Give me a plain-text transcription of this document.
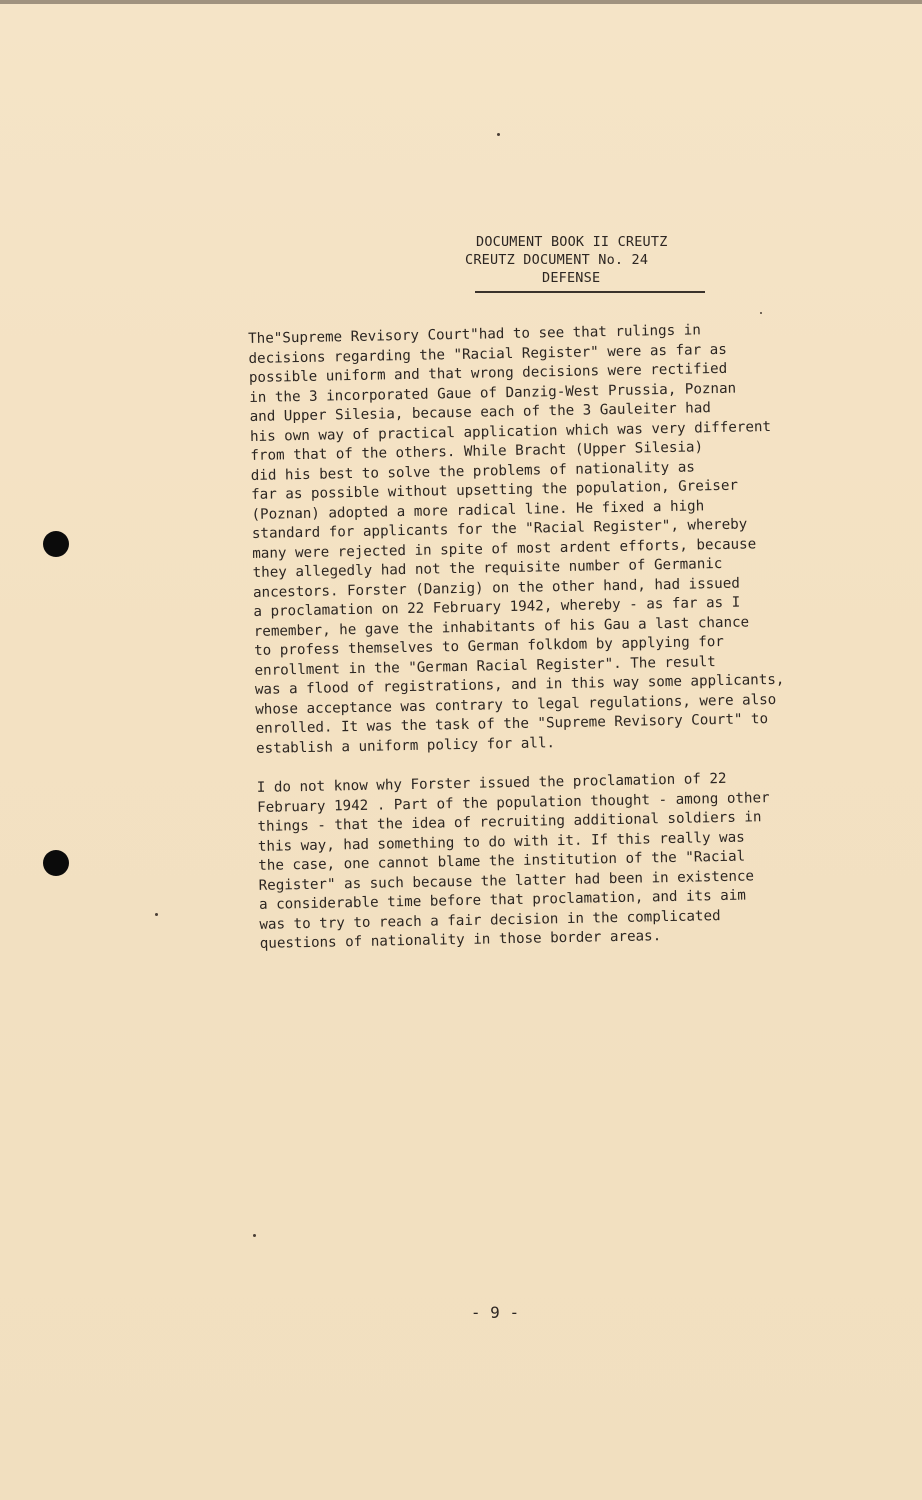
DOCUMENT BOOK II CREUTZ
CREUTZ DOCUMENT No. 24
DEFENSE

The"Supreme Revisory Court"had to see that rulings in
decisions regarding the "Racial Register" were as far as
possible uniform and that wrong decisions were rectified
in the 3 incorporated Gaue of Danzig-West Prussia, Poznan
and Upper Silesia, because each of the 3 Gauleiter had
his own way of practical application which was very different
from that of the others. While Bracht (Upper Silesia)
did his best to solve the problems of nationality as
far as possible without upsetting the population, Greiser
(Poznan) adopted a more radical line. He fixed a high
standard for applicants for the "Racial Register", whereby
many were rejected in spite of most ardent efforts, because
they allegedly had not the requisite number of Germanic
ancestors. Forster (Danzig) on the other hand, had issued
a proclamation on 22 February 1942, whereby - as far as I
remember, he gave the inhabitants of his Gau a last chance
to profess themselves to German folkdom by applying for
enrollment in the "German Racial Register". The result
was a flood of registrations, and in this way some applicants,
whose acceptance was contrary to legal regulations, were also
enrolled. It was the task of the "Supreme Revisory Court" to
establish a uniform policy for all.

I do not know why Forster issued the proclamation of 22
February 1942 . Part of the population thought - among other
things - that the idea of recruiting additional soldiers in
this way, had something to do with it. If this really was
the case, one cannot blame the institution of the "Racial
Register" as such because the latter had been in existence
a considerable time before that proclamation, and its aim
was to try to reach a fair decision in the complicated
questions of nationality in those border areas.

- 9 -
